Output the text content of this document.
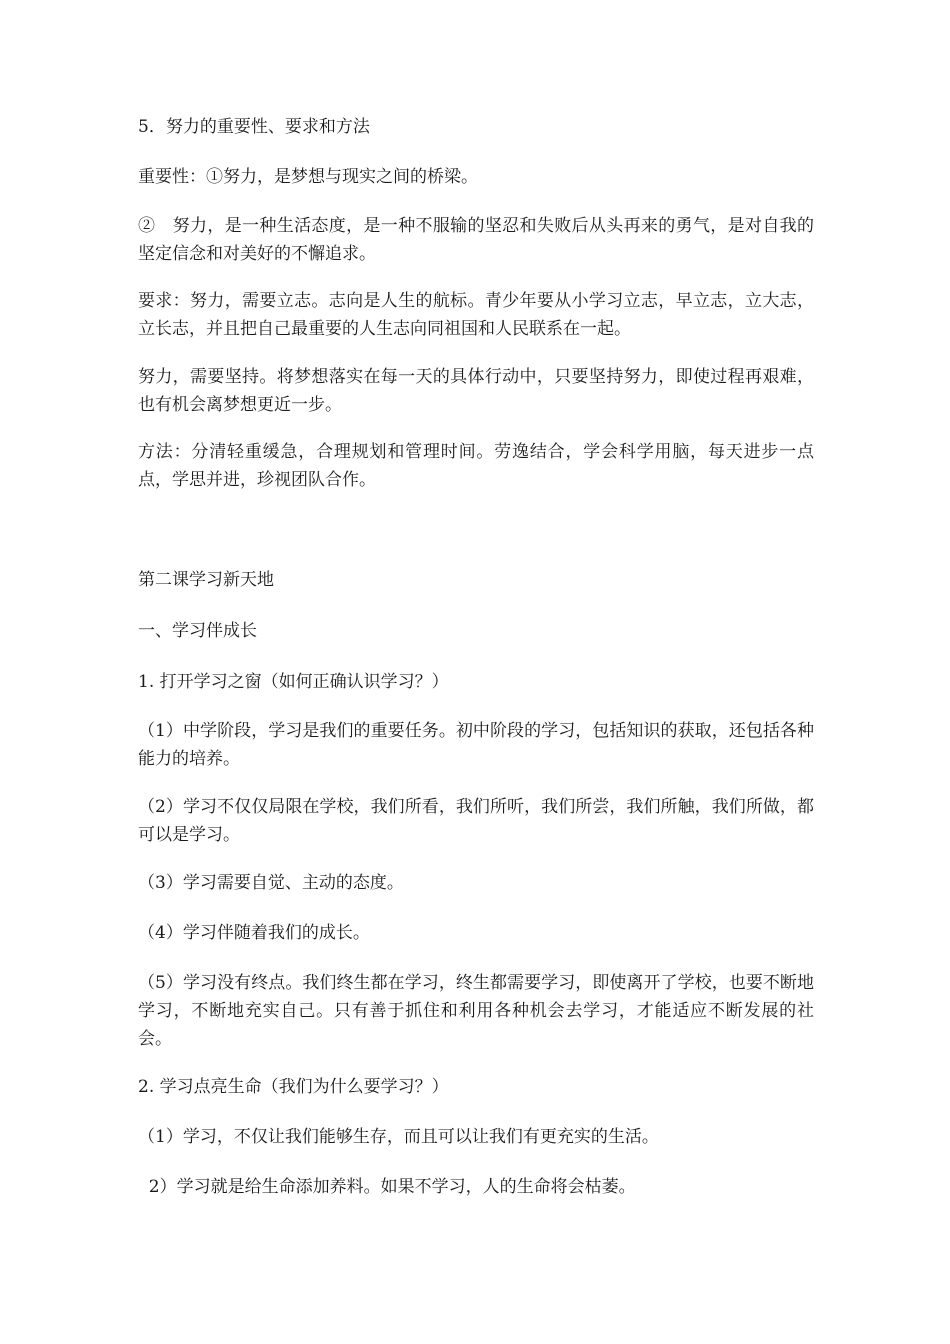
5．努力的重要性、要求和方法

重要性：①努力，是梦想与现实之间的桥梁。

②　努力，是一种生活态度，是一种不服输的坚忍和失败后从头再来的勇气，是对自我的坚定信念和对美好的不懈追求。

要求：努力，需要立志。志向是人生的航标。青少年要从小学习立志，早立志，立大志，立长志，并且把自己最重要的人生志向同祖国和人民联系在一起。

努力，需要坚持。将梦想落实在每一天的具体行动中，只要坚持努力，即使过程再艰难，也有机会离梦想更近一步。

方法：分清轻重缓急，合理规划和管理时间。劳逸结合，学会科学用脑，每天进步一点点，学思并进，珍视团队合作。

第二课学习新天地

一、学习伴成长

1. 打开学习之窗（如何正确认识学习？）

（1）中学阶段，学习是我们的重要任务。初中阶段的学习，包括知识的获取，还包括各种能力的培养。

（2）学习不仅仅局限在学校，我们所看，我们所听，我们所尝，我们所触，我们所做，都可以是学习。

（3）学习需要自觉、主动的态度。

（4）学习伴随着我们的成长。

（5）学习没有终点。我们终生都在学习，终生都需要学习，即使离开了学校，也要不断地学习，不断地充实自己。只有善于抓住和利用各种机会去学习，才能适应不断发展的社会。

2. 学习点亮生命（我们为什么要学习？）

（1）学习，不仅让我们能够生存，而且可以让我们有更充实的生活。

2）学习就是给生命添加养料。如果不学习，人的生命将会枯萎。
